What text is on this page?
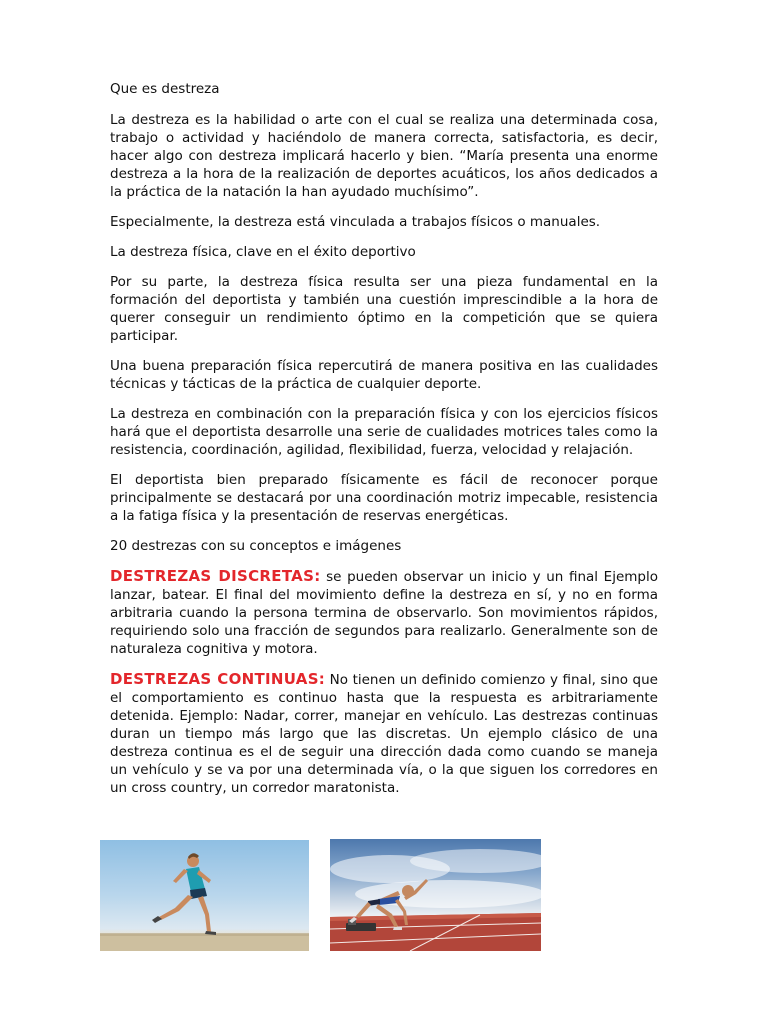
Que es destreza

La destreza es la habilidad o arte con el cual se realiza una determinada cosa, trabajo o actividad y haciéndolo de manera correcta, satisfactoria, es decir, hacer algo con destreza implicará hacerlo y bien. “María presenta una enorme destreza a la hora de la realización de deportes acuáticos, los años dedicados a la práctica de la natación la han ayudado muchísimo”.

Especialmente, la destreza está vinculada a trabajos físicos o manuales.

La destreza física, clave en el éxito deportivo

Por su parte, la destreza física resulta ser una pieza fundamental en la formación del deportista y también una cuestión imprescindible a la hora de querer conseguir un rendimiento óptimo en la competición que se quiera participar.

Una buena preparación física repercutirá de manera positiva en las cualidades técnicas y tácticas de la práctica de cualquier deporte.

La destreza en combinación con la preparación física y con los ejercicios físicos hará que el deportista desarrolle una serie de cualidades motrices tales como la resistencia, coordinación, agilidad, flexibilidad, fuerza, velocidad y relajación.

El deportista bien preparado físicamente es fácil de reconocer porque principalmente se destacará por una coordinación motriz impecable, resistencia a la fatiga física y la presentación de reservas energéticas.

20 destrezas con su conceptos e imágenes

DESTREZAS DISCRETAS: se pueden observar un inicio y un final Ejemplo lanzar, batear. El final del movimiento define la destreza en sí, y no en forma arbitraria cuando la persona termina de observarlo. Son movimientos rápidos, requiriendo solo una fracción de segundos para realizarlo. Generalmente son de naturaleza cognitiva y motora.

DESTREZAS CONTINUAS: No tienen un definido comienzo y final, sino que el comportamiento es continuo hasta que la respuesta es arbitrariamente detenida. Ejemplo: Nadar, correr, manejar en vehículo. Las destrezas continuas duran un tiempo más largo que las discretas. Un ejemplo clásico de una destreza continua es el de seguir una dirección dada como cuando se maneja un vehículo y se va por una determinada vía, o la que siguen los corredores en un cross country, un corredor maratonista.
